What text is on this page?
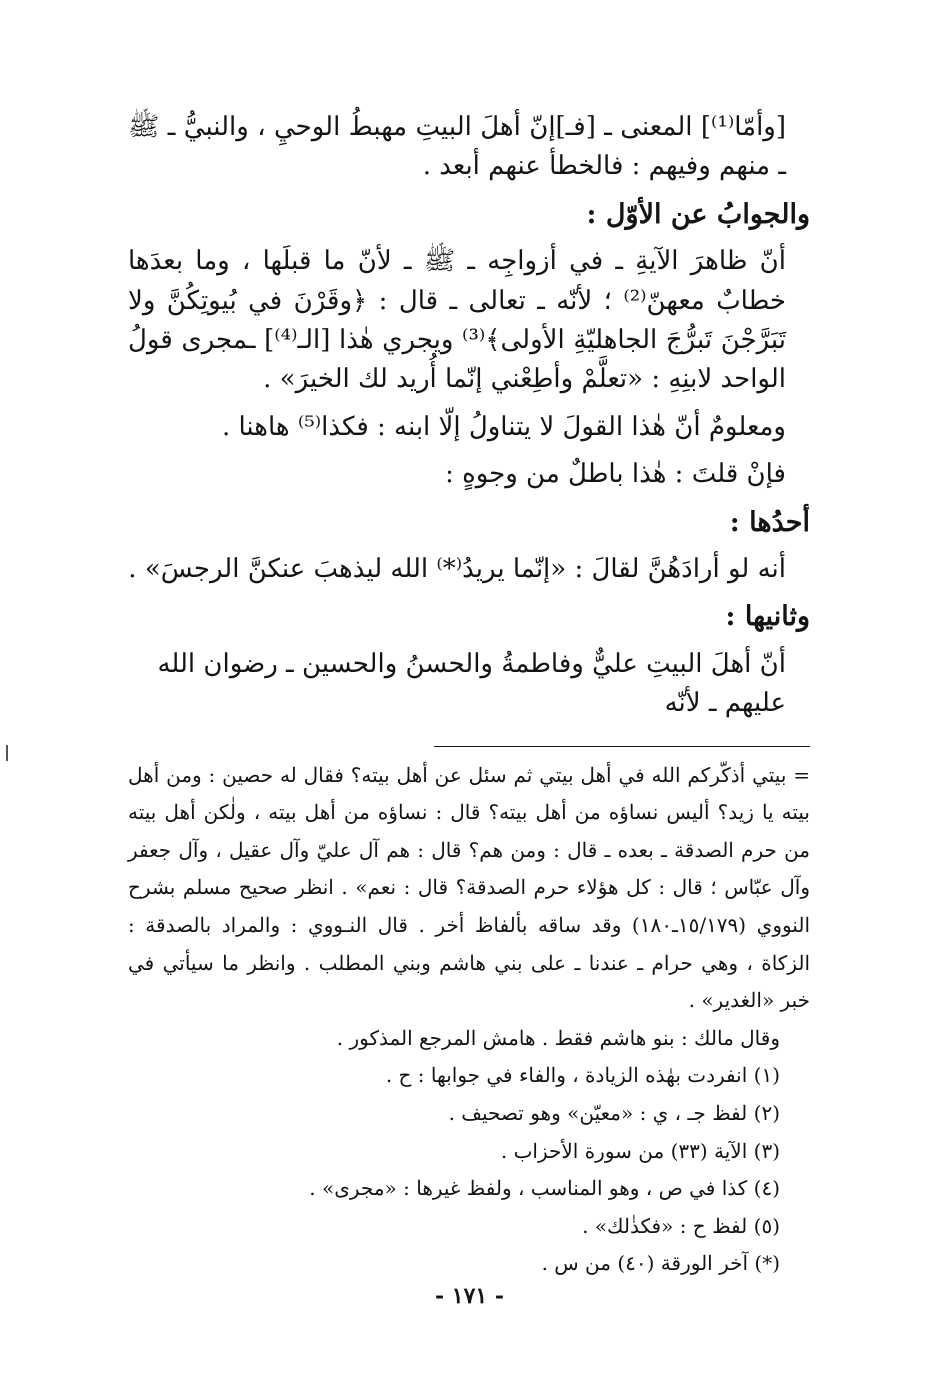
[وأمّا⁽¹⁾] المعنى ـ [فـ]إنّ أهلَ البيتِ مهبطُ الوحيِ ، والنبيُّ ـ ﷺ ـ منهم وفيهم : فالخطأ عنهم أبعد .

والجوابُ عن الأوّل :

أنّ ظاهرَ الآيةِ ـ في أزواجِه ـ ﷺ ـ لأنّ ما قبلَها ، وما بعدَها خطابٌ معهنّ⁽²⁾ ؛ لأنّه ـ تعالى ـ قال : ﴿وقَرْنَ في بُيوتِكُنَّ ولا تَبَرَّجْنَ تَبرُّجَ الجاهليّةِ الأولى﴾⁽³⁾ ويجري هٰذا [الـ⁽⁴⁾] ـمجرى قولُ الواحد لابنِهِ : «تعلَّمْ وأطِعْني إنّما أُريد لك الخيرَ» .

ومعلومٌ أنّ هٰذا القولَ لا يتناولُ إلّا ابنه : فكذا⁽⁵⁾ هاهنا .

فإنْ قلتَ : هٰذا باطلٌ من وجوهٍ :

أحدُها :

أنه لو أرادَهُنَّ لقالَ : «إنّما يريدُ⁽*⁾ الله ليذهبَ عنكنَّ الرجسَ» .

وثانيها :

أنّ أهلَ البيتِ عليٌّ وفاطمةُ والحسنُ والحسين ـ رضوان الله عليهم ـ لأنّه

= بيتي أذكّركم الله في أهل بيتي ثم سئل عن أهل بيته؟ فقال له حصين : ومن أهل بيته يا زيد؟ أليس نساؤه من أهل بيته؟ قال : نساؤه من أهل بيته ، ولٰكن أهل بيته من حرم الصدقة ـ بعده ـ قال : ومن هم؟ قال : هم آل عليّ وآل عقيل ، وآل جعفر وآل عبّاس ؛ قال : كل هؤلاء حرم الصدقة؟ قال : نعم» . انظر صحيح مسلم بشرح النووي (١٥/١٧٩ـ١٨٠) وقد ساقه بألفاظ أخر . قال النـووي : والمراد بالصدقة : الزكاة ، وهي حرام ـ عندنا ـ على بني هاشم وبني المطلب . وانظر ما سيأتي في خبر «الغدير» .

وقال مالك : بنو هاشم فقط . هامش المرجع المذكور .

(١) انفردت بهٰذه الزيادة ، والفاء في جوابها : ح .

(٢) لفظ جـ ، ي : «معيّن» وهو تصحيف .

(٣) الآية (٣٣) من سورة الأحزاب .

(٤) كذا في ص ، وهو المناسب ، ولفظ غيرها : «مجرى» .

(٥) لفظ ح : «فكذٰلك» .

(*) آخر الورقة (٤٠) من س .

- ١٧١ -
